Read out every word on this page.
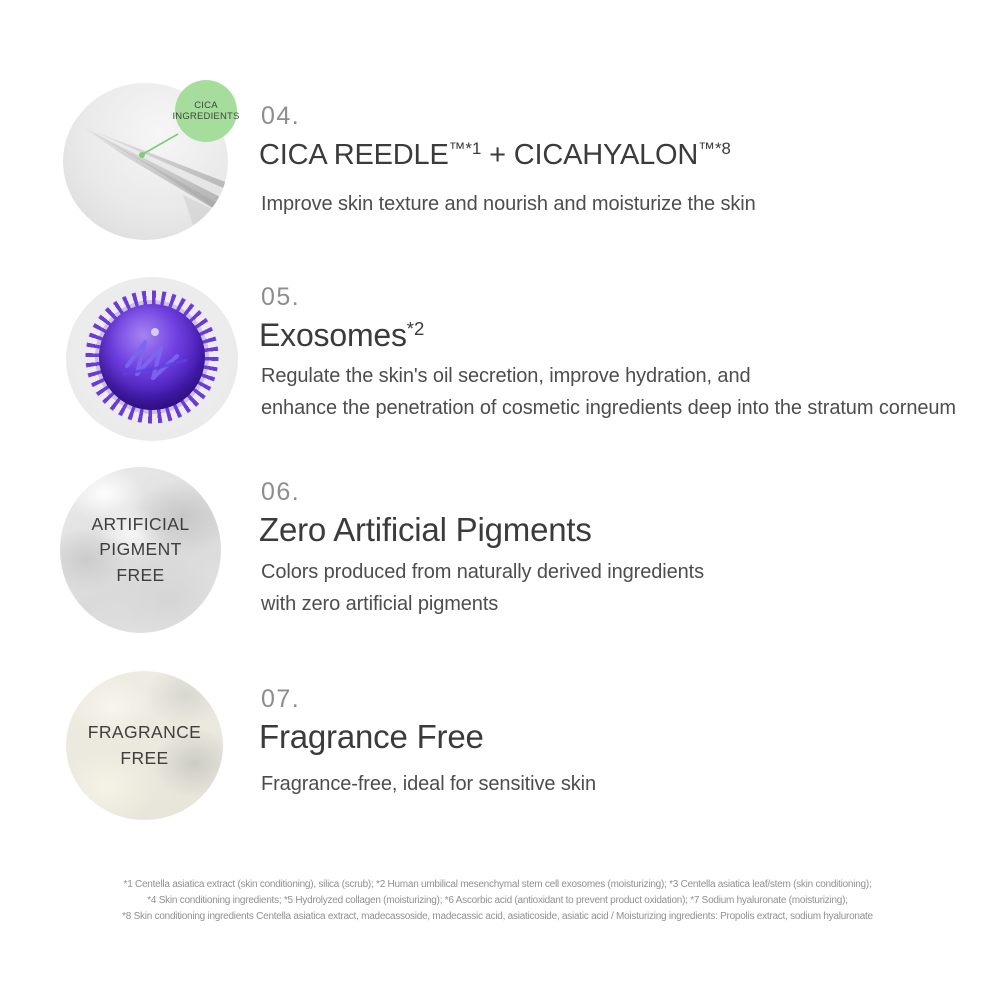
CICA
INGREDIENTS 04.
CICA $REEDLE^{™*1}$ + $CICAHYALON^{™*8}$

Improve skin texture and nourish and moisturize the skin

05.
Exosomes$^{*2}$

Regulate the skin's oil secretion, improve hydration, and
enhance the penetration of cosmetic ingredients deep into the stratum corneum

ARTIFICIAL
PIGMENT
FREE
06.
Zero Artificial Pigments

Colors produced from naturally derived ingredients
with zero artificial pigments

FRAGRANCE
FREE
07.
Fragrance Free

Fragrance-free, ideal for sensitive skin

*1 Centella asiatica extract (skin conditioning), silica (scrub); *2 Human umbilical mesenchymal stem cell exosomes (moisturizing); *3 Centella asiatica leaf/stem (skin conditioning);
*4 Skin conditioning ingredients; *5 Hydrolyzed collagen (moisturizing); *6 Ascorbic acid (antioxidant to prevent product oxidation); *7 Sodium hyaluronate (moisturizing);
*8 Skin conditioning ingredients Centella asiatica extract, madecassoside, madecassic acid, asiaticoside, asiatic acid / Moisturizing ingredients: Propolis extract, sodium hyaluronate
